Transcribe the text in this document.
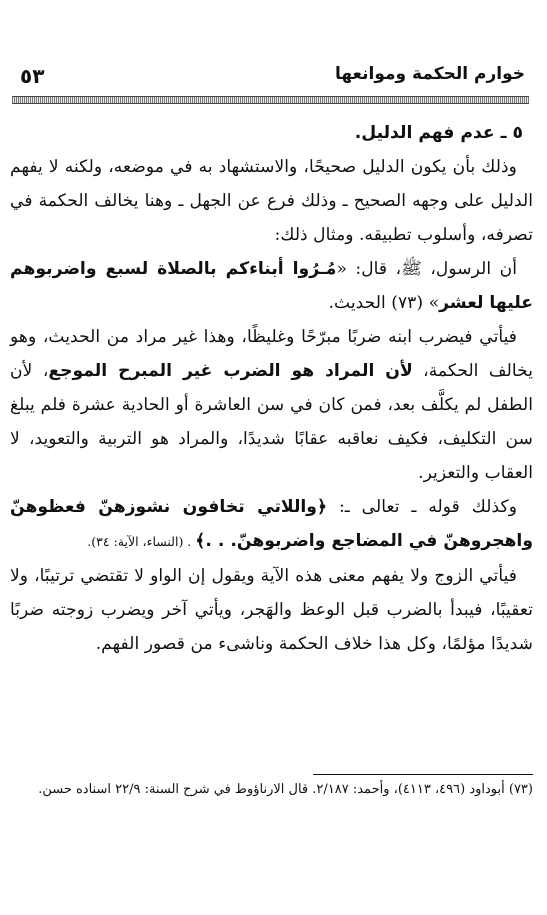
خوارم الحكمة وموانعها
٥٣

٥ ـ عدم فهم الدليل.

وذلك بأن يكون الدليل صحيحًا، والاستشهاد به في موضعه، ولكنه لا يفهم الدليل على وجهه الصحيح ـ وذلك فرع عن الجهل ـ وهنا يخالف الحكمة في تصرفه، وأسلوب تطبيقه. ومثال ذلك:

أن الرسول، ﷺ، قال: «مُـرُوا أبناءكم بالصلاة لسبع واضربوهم عليها لعشر» (٧٣) الحديث.

فيأتي فيضرب ابنه ضربًا مبرّحًا وغليظًا، وهذا غير مراد من الحديث، وهو يخالف الحكمة، لأن المراد هو الضرب غير المبرح الموجع، لأن الطفل لم يكلَّف بعد، فمن كان في سن العاشرة أو الحادية عشرة فلم يبلغ سن التكليف، فكيف نعاقبه عقابًا شديدًا، والمراد هو التربية والتعويد، لا العقاب والتعزير.

وكذلك قوله ـ تعالى ـ: ﴿واللاتي تخافون نشوزهنّ فعظوهنّ واهجروهنّ في المضاجع واضربوهنّ. . .﴾ . (النساء، الآية: ٣٤).

فيأتي الزوج ولا يفهم معنى هذه الآية ويقول إن الواو لا تقتضي ترتيبًا، ولا تعقيبًا، فيبدأ بالضرب قبل الوعظ والهَجر، ويأتي آخر ويضرب زوجته ضربًا شديدًا مؤلمًا، وكل هذا خلاف الحكمة وناشىء من قصور الفهم.

(٧٣) أبوداود (٤٩٦، ٤١١٣)، وأحمد: ٢/١٨٧. قال الارناؤوط في شرح السنة: ٢٢/٩ اسناده حسن.
